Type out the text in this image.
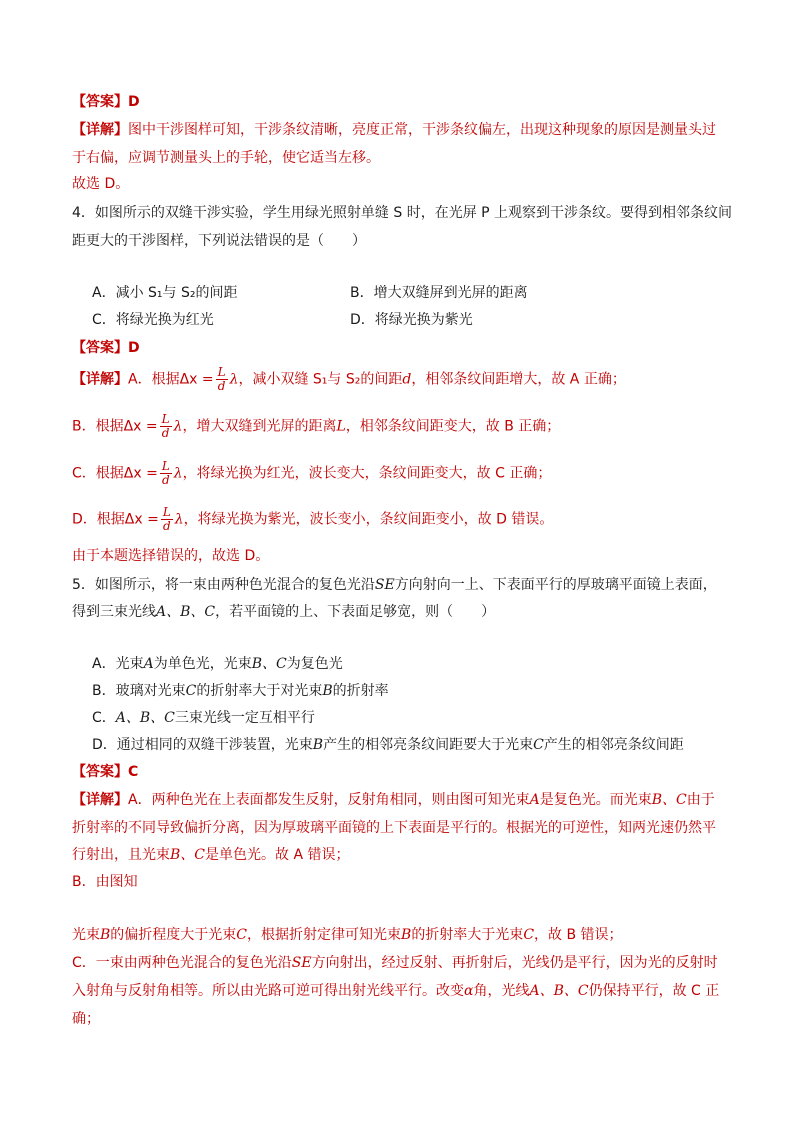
【答案】D
【详解】图中干涉图样可知，干涉条纹清晰，亮度正常，干涉条纹偏左，出现这种现象的原因是测量头过
于右偏，应调节测量头上的手轮，使它适当左移。
故选 D。
4．如图所示的双缝干涉实验，学生用绿光照射单缝 S 时，在光屏 P 上观察到干涉条纹。要得到相邻条纹间
距更大的干涉图样，下列说法错误的是（　　）
A．减小 S₁与 S₂的间距	B．增大双缝屏到光屏的距离
C．将绿光换为红光	D．将绿光换为紫光
【答案】D
【详解】A．根据$\Delta x = \frac{L}{d}$ λ，减小双缝 S₁与 S₂的间距d，相邻条纹间距增大，故 A 正确；
B．根据$\Delta x = \frac{L}{d}$ λ，增大双缝到光屏的距离L，相邻条纹间距变大，故 B 正确；
C．根据$\Delta x = \frac{L}{d}$ λ，将绿光换为红光，波长变大，条纹间距变大，故 C 正确；
D．根据$\Delta x = \frac{L}{d}$ λ，将绿光换为紫光，波长变小，条纹间距变小，故 D 错误。
由于本题选择错误的，故选 D。
5．如图所示，将一束由两种色光混合的复色光沿SE方向射向一上、下表面平行的厚玻璃平面镜上表面，
得到三束光线A、B、C，若平面镜的上、下表面足够宽，则（　　）
A．光束A为单色光，光束B、C为复色光
B．玻璃对光束C的折射率大于对光束B的折射率
C．A、B、C三束光线一定互相平行
D．通过相同的双缝干涉装置，光束B产生的相邻亮条纹间距要大于光束C产生的相邻亮条纹间距
【答案】C
【详解】A．两种色光在上表面都发生反射，反射角相同，则由图可知光束A是复色光。而光束B、C由于
折射率的不同导致偏折分离，因为厚玻璃平面镜的上下表面是平行的。根据光的可逆性，知两光速仍然平
行射出，且光束B、C是单色光。故 A 错误；
B．由图知
光束B的偏折程度大于光束C，根据折射定律可知光束B的折射率大于光束C，故 B 错误；
C．一束由两种色光混合的复色光沿SE方向射出，经过反射、再折射后，光线仍是平行，因为光的反射时
入射角与反射角相等。所以由光路可逆可得出射光线平行。改变α角，光线A、B、C仍保持平行，故 C 正
确；
